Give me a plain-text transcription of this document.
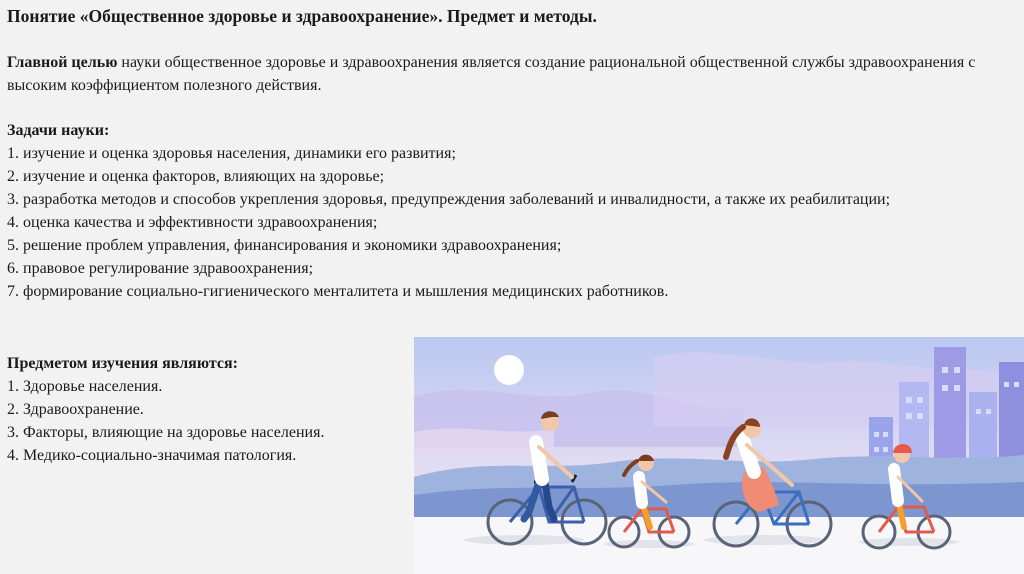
Понятие «Общественное здоровье и здравоохранение». Предмет и методы.

Главной целью науки общественное здоровье и здравоохранения является создание рациональной общественной службы здравоохранения с высоким коэффициентом полезного действия.

Задачи науки:

1. изучение и оценка здоровья населения, динамики его развития;

2. изучение и оценка факторов, влияющих на здоровье;

3. разработка методов и способов укрепления здоровья, предупреждения заболеваний и инвалидности, а также их реабилитации;

4. оценка качества и эффективности здравоохранения;

5. решение проблем управления, финансирования и экономики здравоохранения;

6. правовое регулирование здравоохранения;

7. формирование социально-гигиенического менталитета и мышления медицинских работников.

Предметом изучения являются:

1. Здоровье населения.

2. Здравоохранение.

3. Факторы, влияющие на здоровье населения.

4. Медико-социально-значимая патология.
